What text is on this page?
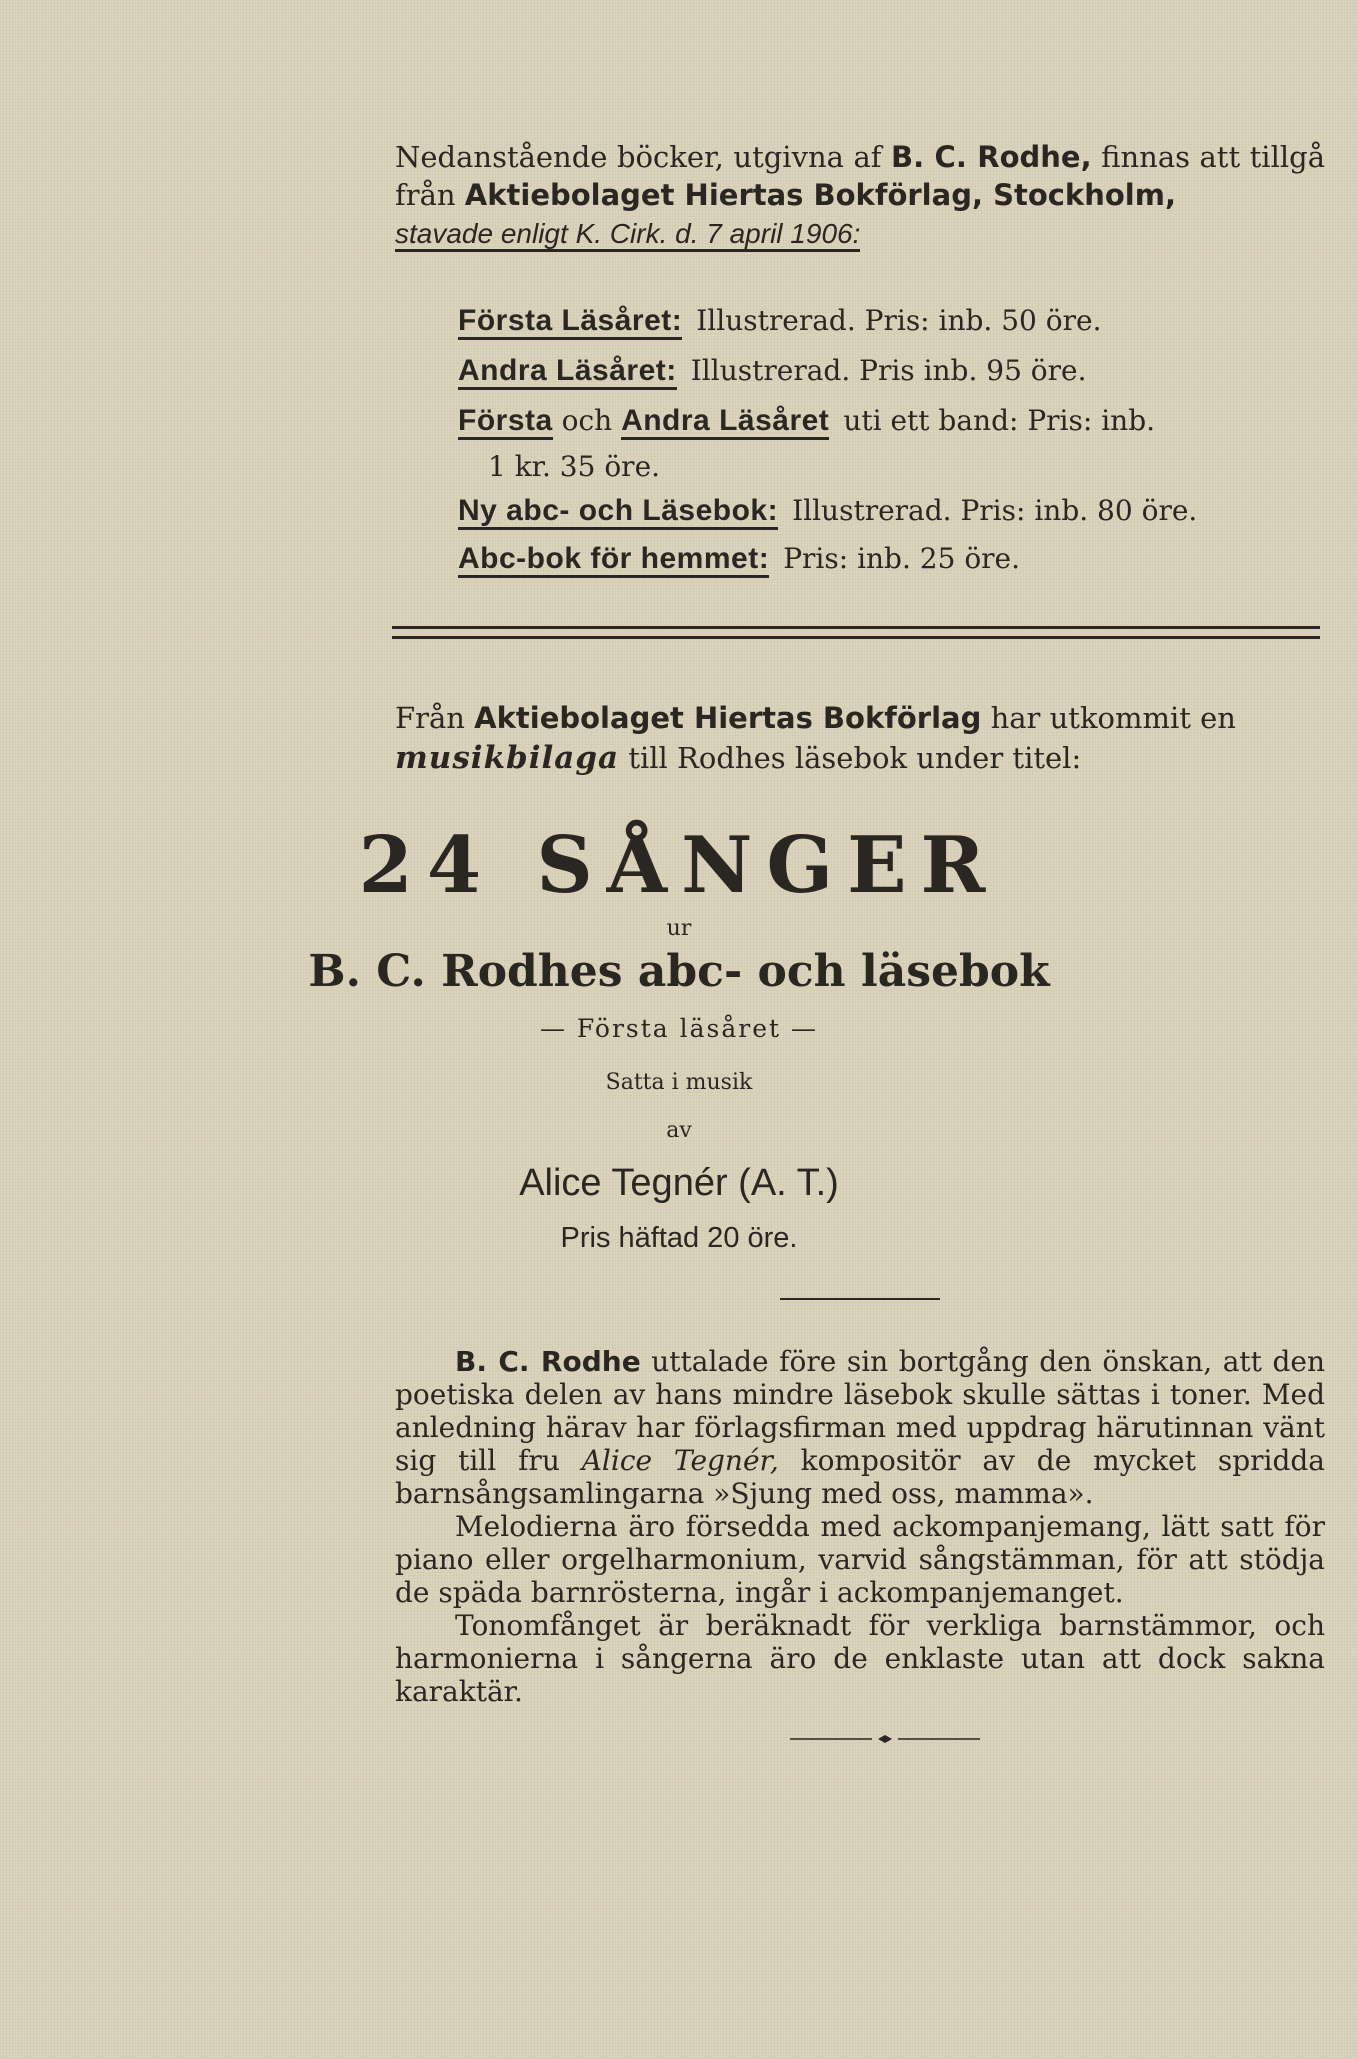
Nedanstående böcker, utgivna af B. C. Rodhe, finnas att tillgå från Aktiebolaget Hiertas Bokförlag, Stockholm,
stavade enligt K. Cirk. d. 7 april 1906:
Första Läsåret: Illustrerad. Pris: inb. 50 öre.
Andra Läsåret: Illustrerad. Pris inb. 95 öre.
Första och Andra Läsåret uti ett band: Pris: inb.
1 kr. 35 öre.
Ny abc- och Läsebok: Illustrerad. Pris: inb. 80 öre.
Abc-bok för hemmet: Pris: inb. 25 öre.
Från Aktiebolaget Hiertas Bokförlag har utkommit en
musikbilaga till Rodhes läsebok under titel:
24 SÅNGER
ur
B. C. Rodhes abc- och läsebok
— Första läsåret —
Satta i musik
av
Alice Tegnér (A. T.)
Pris häftad 20 öre.

B. C. Rodhe uttalade före sin bortgång den önskan, att den poetiska delen av hans mindre läsebok skulle sättas i toner. Med anledning härav har förlagsfirman med uppdrag härutinnan vänt sig till fru Alice Tegnér, kompositör av de mycket spridda barnsångsamlingarna »Sjung med oss, mamma».

Melodierna äro försedda med ackompanjemang, lätt satt för piano eller orgelharmonium, varvid sångstämman, för att stödja de späda barnrösterna, ingår i ackompanjemanget.

Tonomfånget är beräknadt för verkliga barnstämmor, och harmonierna i sångerna äro de enklaste utan att dock sakna karaktär.
